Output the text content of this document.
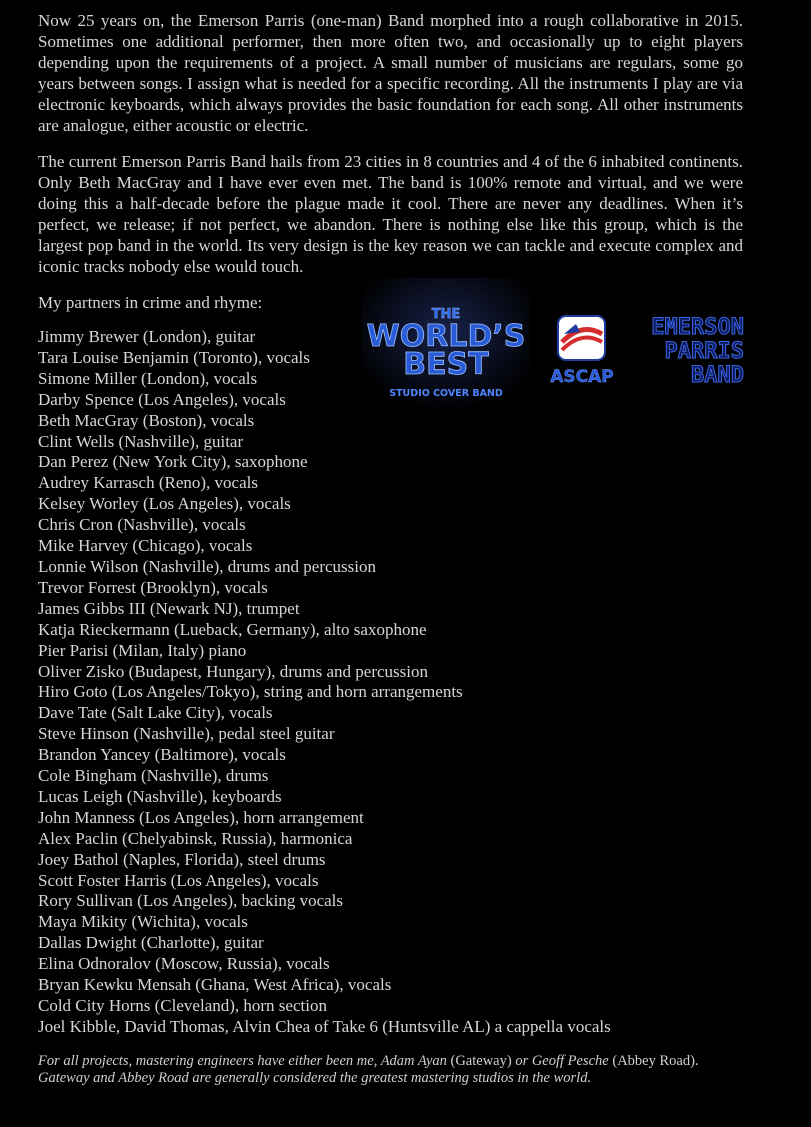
Now 25 years on, the Emerson Parris (one-man) Band morphed into a rough collaborative in 2015. Sometimes one additional performer, then more often two, and occasionally up to eight players depending upon the requirements of a project. A small number of musicians are regulars, some go years between songs. I assign what is needed for a specific recording. All the instruments I play are via electronic keyboards, which always provides the basic foundation for each song. All other instruments are analogue, either acoustic or electric.

The current Emerson Parris Band hails from 23 cities in 8 countries and 4 of the 6 inhabited continents. Only Beth MacGray and I have ever even met. The band is 100% remote and virtual, and we were doing this a half-decade before the plague made it cool. There are never any deadlines. When it’s perfect, we release; if not perfect, we abandon. There is nothing else like this group, which is the largest pop band in the world. Its very design is the key reason we can tackle and execute complex and iconic tracks nobody else would touch.

My partners in crime and rhyme:

Jimmy Brewer (London), guitar
Tara Louise Benjamin (Toronto), vocals
Simone Miller (London), vocals
Darby Spence (Los Angeles), vocals
Beth MacGray (Boston), vocals
Clint Wells (Nashville), guitar
Dan Perez (New York City), saxophone
Audrey Karrasch (Reno), vocals
Kelsey Worley (Los Angeles), vocals
Chris Cron (Nashville), vocals
Mike Harvey (Chicago), vocals
Lonnie Wilson (Nashville), drums and percussion
Trevor Forrest (Brooklyn), vocals
James Gibbs III (Newark NJ), trumpet
Katja Rieckermann (Lueback, Germany), alto saxophone
Pier Parisi (Milan, Italy) piano
Oliver Zisko (Budapest, Hungary), drums and percussion
Hiro Goto (Los Angeles/Tokyo), string and horn arrangements
Dave Tate (Salt Lake City), vocals
Steve Hinson (Nashville), pedal steel guitar
Brandon Yancey (Baltimore), vocals
Cole Bingham (Nashville), drums
Lucas Leigh (Nashville), keyboards
John Manness (Los Angeles), horn arrangement
Alex Paclin (Chelyabinsk, Russia), harmonica
Joey Bathol (Naples, Florida), steel drums
Scott Foster Harris (Los Angeles), vocals
Rory Sullivan (Los Angeles), backing vocals
Maya Mikity (Wichita), vocals
Dallas Dwight (Charlotte), guitar
Elina Odnoralov (Moscow, Russia), vocals
Bryan Kewku Mensah (Ghana, West Africa), vocals
Cold City Horns (Cleveland), horn section
Joel Kibble, David Thomas, Alvin Chea of Take 6 (Huntsville AL) a cappella vocals
THE
WORLD’S
BEST
STUDIO COVER BAND
ASCAP
EMERSON
PARRIS
BAND

For all projects, mastering engineers have either been me, Adam Ayan (Gateway) or Geoff Pesche (Abbey Road). Gateway and Abbey Road are generally considered the greatest mastering studios in the world.
